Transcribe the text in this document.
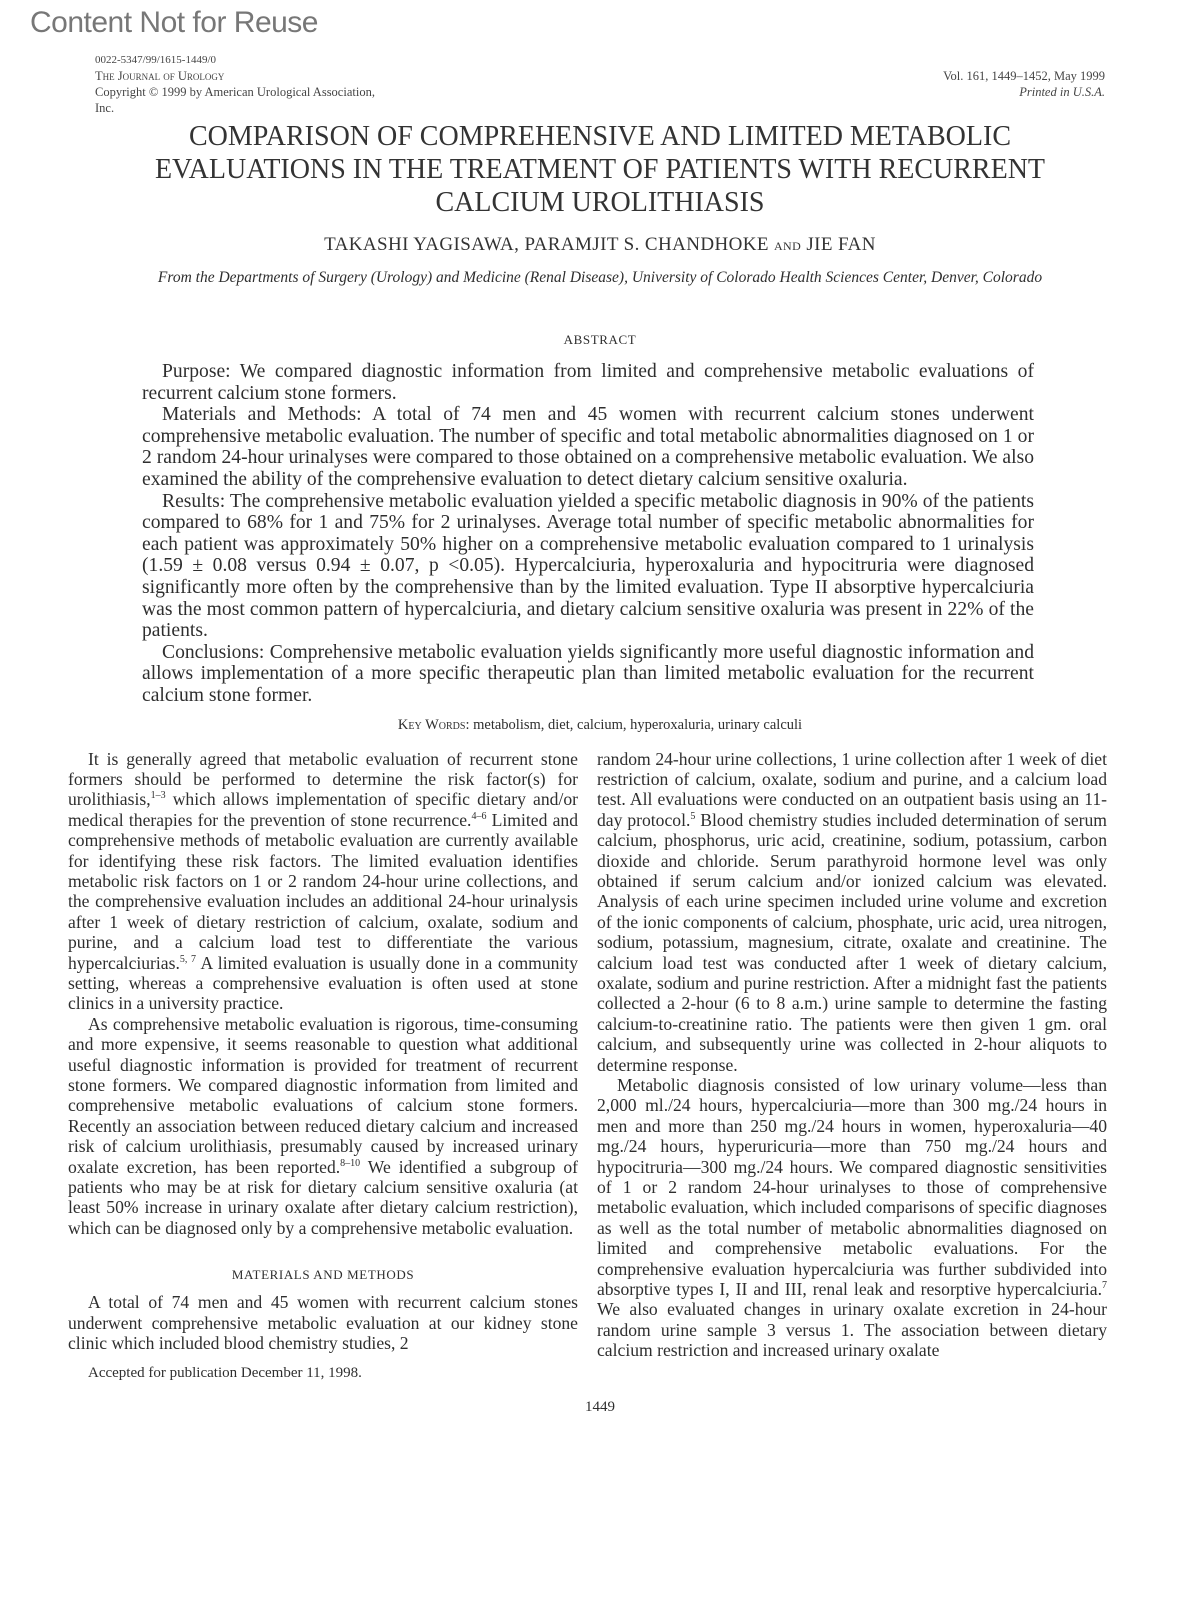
Content Not for Reuse
0022-5347/99/1615-1449/0
The Journal of Urology
Copyright © 1999 by American Urological Association, Inc.
Vol. 161, 1449–1452, May 1999
Printed in U.S.A.
COMPARISON OF COMPREHENSIVE AND LIMITED METABOLIC
EVALUATIONS IN THE TREATMENT OF PATIENTS WITH RECURRENT
CALCIUM UROLITHIASIS
TAKASHI YAGISAWA, PARAMJIT S. CHANDHOKE and JIE FAN
From the Departments of Surgery (Urology) and Medicine (Renal Disease), University of Colorado Health Sciences Center, Denver, Colorado
ABSTRACT

Purpose: We compared diagnostic information from limited and comprehensive metabolic evaluations of recurrent calcium stone formers.

Materials and Methods: A total of 74 men and 45 women with recurrent calcium stones underwent comprehensive metabolic evaluation. The number of specific and total metabolic abnormalities diagnosed on 1 or 2 random 24-hour urinalyses were compared to those obtained on a comprehensive metabolic evaluation. We also examined the ability of the comprehensive evaluation to detect dietary calcium sensitive oxaluria.

Results: The comprehensive metabolic evaluation yielded a specific metabolic diagnosis in 90% of the patients compared to 68% for 1 and 75% for 2 urinalyses. Average total number of specific metabolic abnormalities for each patient was approximately 50% higher on a comprehensive metabolic evaluation compared to 1 urinalysis (1.59 ± 0.08 versus 0.94 ± 0.07, p <0.05). Hypercalciuria, hyperoxaluria and hypocitruria were diagnosed significantly more often by the comprehensive than by the limited evaluation. Type II absorptive hypercalciuria was the most common pattern of hypercalciuria, and dietary calcium sensitive oxaluria was present in 22% of the patients.

Conclusions: Comprehensive metabolic evaluation yields significantly more useful diagnostic information and allows implementation of a more specific therapeutic plan than limited metabolic evaluation for the recurrent calcium stone former.

Key Words: metabolism, diet, calcium, hyperoxaluria, urinary calculi

It is generally agreed that metabolic evaluation of recurrent stone formers should be performed to determine the risk factor(s) for urolithiasis,$^{1-3}$ which allows implementation of specific dietary and/or medical therapies for the prevention of stone recurrence.$^{4-6}$ Limited and comprehensive methods of metabolic evaluation are currently available for identifying these risk factors. The limited evaluation identifies metabolic risk factors on 1 or 2 random 24-hour urine collections, and the comprehensive evaluation includes an additional 24-hour urinalysis after 1 week of dietary restriction of calcium, oxalate, sodium and purine, and a calcium load test to differentiate the various hypercalciurias.$^{5, 7}$ A limited evaluation is usually done in a community setting, whereas a comprehensive evaluation is often used at stone clinics in a university practice.

As comprehensive metabolic evaluation is rigorous, time-consuming and more expensive, it seems reasonable to question what additional useful diagnostic information is provided for treatment of recurrent stone formers. We compared diagnostic information from limited and comprehensive metabolic evaluations of calcium stone formers. Recently an association between reduced dietary calcium and increased risk of calcium urolithiasis, presumably caused by increased urinary oxalate excretion, has been reported.$^{8-10}$ We identified a subgroup of patients who may be at risk for dietary calcium sensitive oxaluria (at least 50% increase in urinary oxalate after dietary calcium restriction), which can be diagnosed only by a comprehensive metabolic evaluation.

MATERIALS AND METHODS

A total of 74 men and 45 women with recurrent calcium stones underwent comprehensive metabolic evaluation at our kidney stone clinic which included blood chemistry studies, 2

Accepted for publication December 11, 1998.

random 24-hour urine collections, 1 urine collection after 1 week of diet restriction of calcium, oxalate, sodium and purine, and a calcium load test. All evaluations were conducted on an outpatient basis using an 11-day protocol.$^5$ Blood chemistry studies included determination of serum calcium, phosphorus, uric acid, creatinine, sodium, potassium, carbon dioxide and chloride. Serum parathyroid hormone level was only obtained if serum calcium and/or ionized calcium was elevated. Analysis of each urine specimen included urine volume and excretion of the ionic components of calcium, phosphate, uric acid, urea nitrogen, sodium, potassium, magnesium, citrate, oxalate and creatinine. The calcium load test was conducted after 1 week of dietary calcium, oxalate, sodium and purine restriction. After a midnight fast the patients collected a 2-hour (6 to 8 a.m.) urine sample to determine the fasting calcium-to-creatinine ratio. The patients were then given 1 gm. oral calcium, and subsequently urine was collected in 2-hour aliquots to determine response.

Metabolic diagnosis consisted of low urinary volume—less than 2,000 ml./24 hours, hypercalciuria—more than 300 mg./24 hours in men and more than 250 mg./24 hours in women, hyperoxaluria—40 mg./24 hours, hyperuricuria—more than 750 mg./24 hours and hypocitruria—300 mg./24 hours. We compared diagnostic sensitivities of 1 or 2 random 24-hour urinalyses to those of comprehensive metabolic evaluation, which included comparisons of specific diagnoses as well as the total number of metabolic abnormalities diagnosed on limited and comprehensive metabolic evaluations. For the comprehensive evaluation hypercalciuria was further subdivided into absorptive types I, II and III, renal leak and resorptive hypercalciuria.$^7$ We also evaluated changes in urinary oxalate excretion in 24-hour random urine sample 3 versus 1. The association between dietary calcium restriction and increased urinary oxalate

1449
